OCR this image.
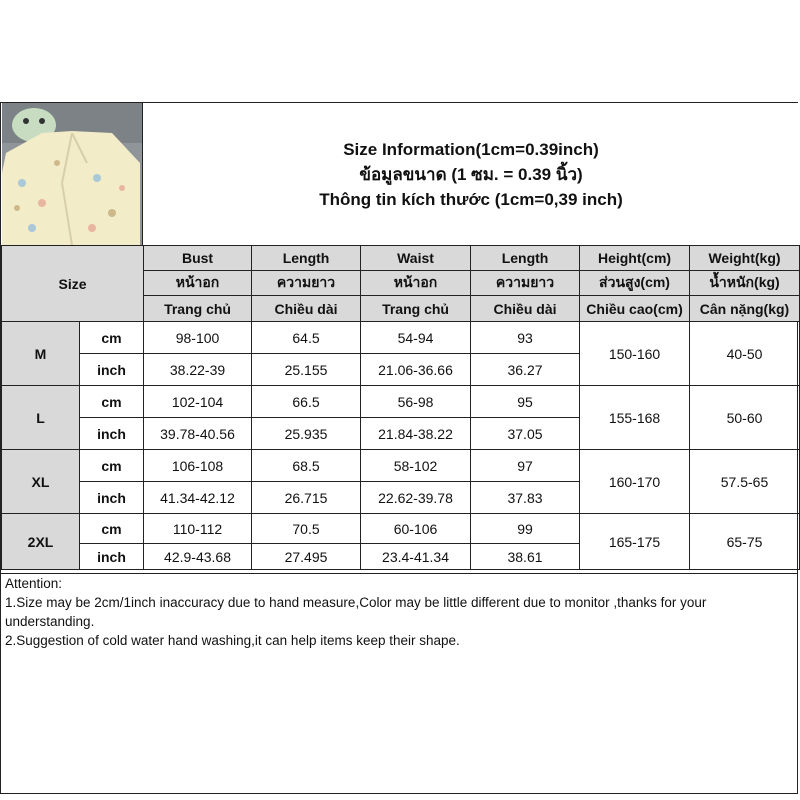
Size Information(1cm=0.39inch)
ข้อมูลขนาด (1 ซม. = 0.39 นิ้ว)
Thông tin kích thước (1cm=0,39 inch)
Size		Bust	Length	Waist	Length	Height(cm)	Weight(kg)
		หน้าอก	ความยาว	หน้าอก	ความยาว	ส่วนสูง(cm)	น้ำหนัก(kg)
		Trang chủ	Chiều dài	Trang chủ	Chiều dài	Chiều cao(cm)	Cân nặng(kg)
M	cm	98-100	64.5	54-94	93	150-160	40-50
	inch	38.22-39	25.155	21.06-36.66	36.27		
L	cm	102-104	66.5	56-98	95	155-168	50-60
	inch	39.78-40.56	25.935	21.84-38.22	37.05		
XL	cm	106-108	68.5	58-102	97	160-170	57.5-65
	inch	41.34-42.12	26.715	22.62-39.78	37.83		
2XL	cm	110-112	70.5	60-106	99	165-175	65-75
	inch	42.9-43.68	27.495	23.4-41.34	38.61		
Attention:
1.Size may be 2cm/1inch inaccuracy due to hand measure,Color may be little different due to monitor ,thanks for your understanding.
2.Suggestion of cold water hand washing,it can help items keep their shape.
